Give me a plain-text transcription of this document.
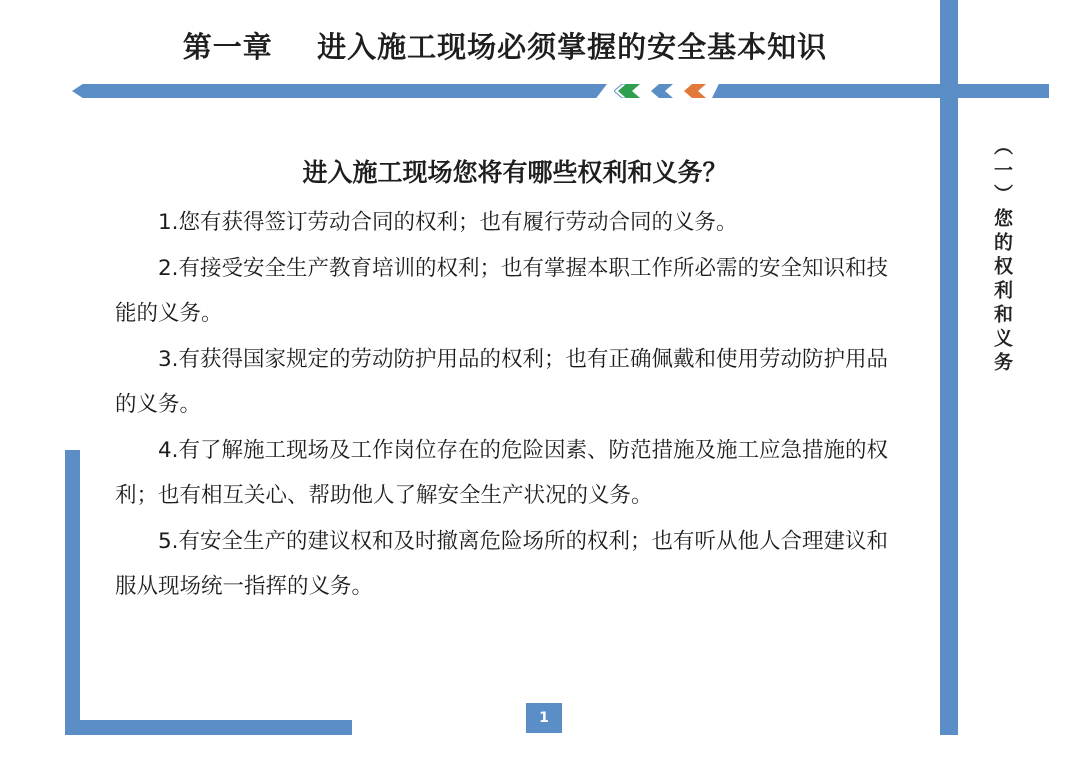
第一章    进入施工现场必须掌握的安全基本知识
（一）您的权利和义务
进入施工现场您将有哪些权利和义务？

1.您有获得签订劳动合同的权利；也有履行劳动合同的义务。

2.有接受安全生产教育培训的权利；也有掌握本职工作所必需的安全知识和技能的义务。

3.有获得国家规定的劳动防护用品的权利；也有正确佩戴和使用劳动防护用品的义务。

4.有了解施工现场及工作岗位存在的危险因素、防范措施及施工应急措施的权利；也有相互关心、帮助他人了解安全生产状况的义务。

5.有安全生产的建议权和及时撤离危险场所的权利；也有听从他人合理建议和服从现场统一指挥的义务。

1
